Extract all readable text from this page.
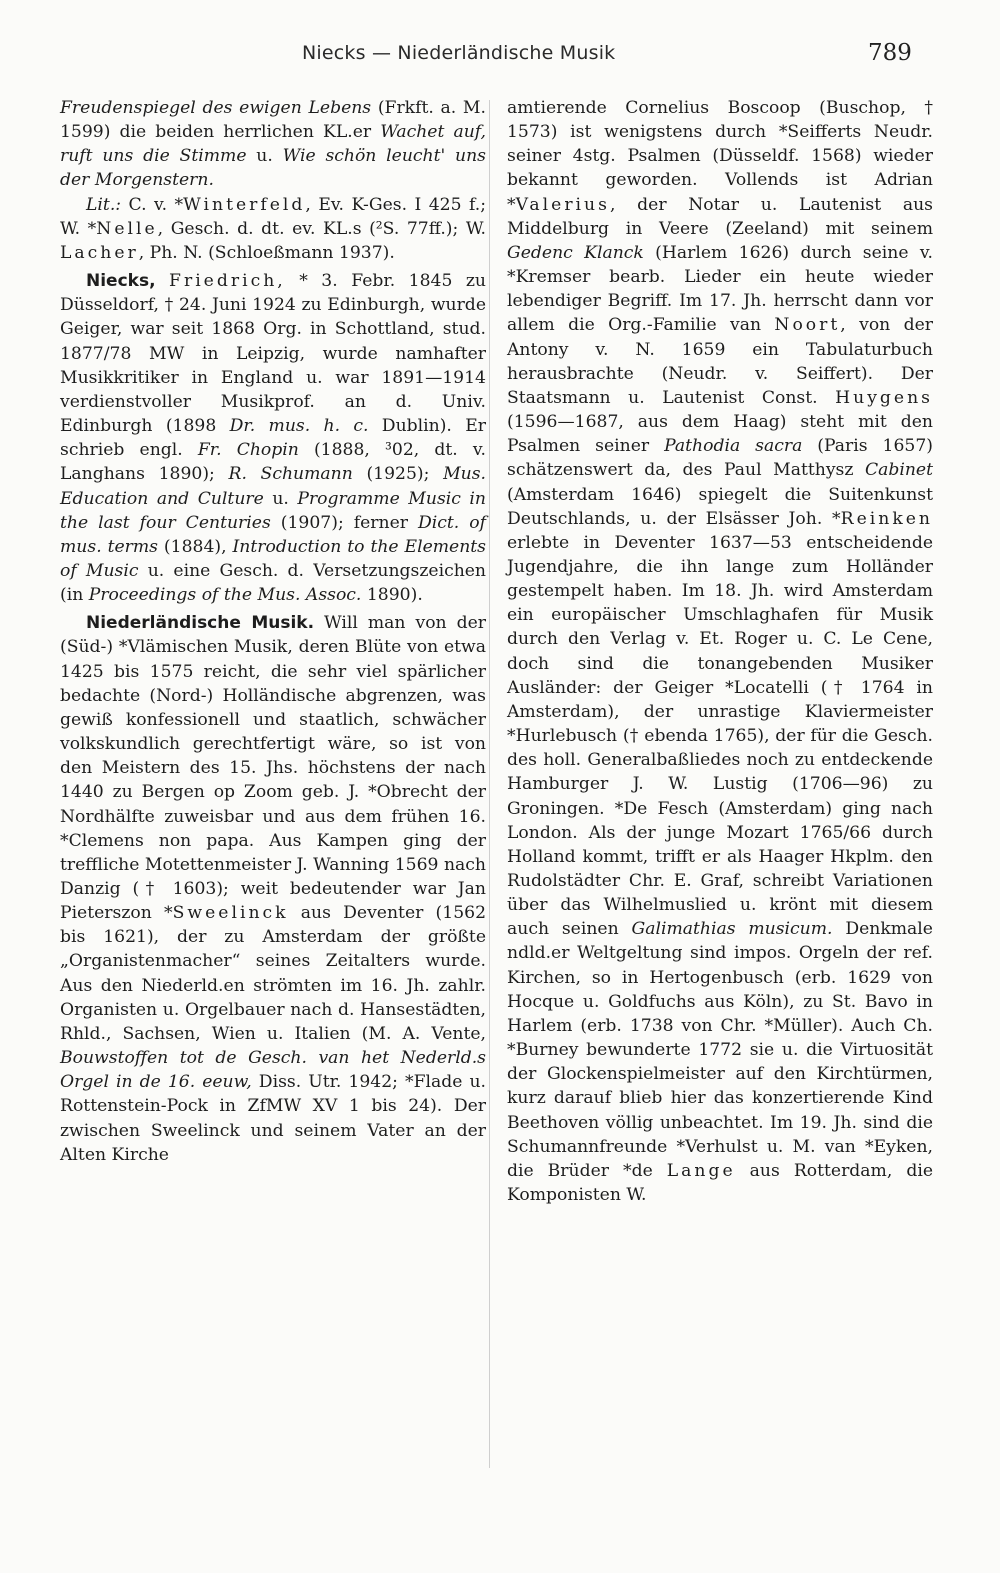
Niecks — Niederländische Musik	789

Freudenspiegel des ewigen Lebens (Frkft. a. M. 1599) die beiden herrlichen KL.er Wachet auf, ruft uns die Stimme u. Wie schön leucht' uns der Morgenstern.

Lit.: C. v. *Winterfeld, Ev. K-Ges. I 425 f.; W. *Nelle, Gesch. d. dt. ev. KL.s (²S. 77ff.); W. Lacher, Ph. N. (Schloeßmann 1937).

Niecks, Friedrich, * 3. Febr. 1845 zu Düsseldorf, † 24. Juni 1924 zu Edinburgh, wurde Geiger, war seit 1868 Org. in Schottland, stud. 1877/78 MW in Leipzig, wurde namhafter Musikkritiker in England u. war 1891—1914 verdienstvoller Musikprof. an d. Univ. Edinburgh (1898 Dr. mus. h. c. Dublin). Er schrieb engl. Fr. Chopin (1888, ³02, dt. v. Langhans 1890); R. Schumann (1925); Mus. Education and Culture u. Programme Music in the last four Centuries (1907); ferner Dict. of mus. terms (1884), Introduction to the Elements of Music u. eine Gesch. d. Versetzungszeichen (in Proceedings of the Mus. Assoc. 1890).

Niederländische Musik. Will man von der (Süd-) *Vlämischen Musik, deren Blüte von etwa 1425 bis 1575 reicht, die sehr viel spärlicher bedachte (Nord-) Holländische abgrenzen, was gewiß konfessionell und staatlich, schwächer volkskundlich gerechtfertigt wäre, so ist von den Meistern des 15. Jhs. höchstens der nach 1440 zu Bergen op Zoom geb. J. *Obrecht der Nordhälfte zuweisbar und aus dem frühen 16. *Clemens non papa. Aus Kampen ging der treffliche Motettenmeister J. Wanning 1569 nach Danzig († 1603); weit bedeutender war Jan Pieterszon *Sweelinck aus Deventer (1562 bis 1621), der zu Amsterdam der größte „Organistenmacher“ seines Zeitalters wurde. Aus den Niederld.en strömten im 16. Jh. zahlr. Organisten u. Orgelbauer nach d. Hansestädten, Rhld., Sachsen, Wien u. Italien (M. A. Vente, Bouwstoffen tot de Gesch. van het Nederld.s Orgel in de 16. eeuw, Diss. Utr. 1942; *Flade u. Rottenstein-Pock in ZfMW XV 1 bis 24). Der zwischen Sweelinck und seinem Vater an der Alten Kirche

amtierende Cornelius Boscoop (Buschop, † 1573) ist wenigstens durch *Seifferts Neudr. seiner 4stg. Psalmen (Düsseldf. 1568) wieder bekannt geworden. Vollends ist Adrian *Valerius, der Notar u. Lautenist aus Middelburg in Veere (Zeeland) mit seinem Gedenc Klanck (Harlem 1626) durch seine v. *Kremser bearb. Lieder ein heute wieder lebendiger Begriff. Im 17. Jh. herrscht dann vor allem die Org.-Familie van Noort, von der Antony v. N. 1659 ein Tabulaturbuch herausbrachte (Neudr. v. Seiffert). Der Staatsmann u. Lautenist Const. Huygens (1596—1687, aus dem Haag) steht mit den Psalmen seiner Pathodia sacra (Paris 1657) schätzenswert da, des Paul Matthysz Cabinet (Amsterdam 1646) spiegelt die Suitenkunst Deutschlands, u. der Elsässer Joh. *Reinken erlebte in Deventer 1637—53 entscheidende Jugendjahre, die ihn lange zum Holländer gestempelt haben. Im 18. Jh. wird Amsterdam ein europäischer Umschlaghafen für Musik durch den Verlag v. Et. Roger u. C. Le Cene, doch sind die tonangebenden Musiker Ausländer: der Geiger *Locatelli († 1764 in Amsterdam), der unrastige Klaviermeister *Hurlebusch († ebenda 1765), der für die Gesch. des holl. Generalbaßliedes noch zu entdeckende Hamburger J. W. Lustig (1706—96) zu Groningen. *De Fesch (Amsterdam) ging nach London. Als der junge Mozart 1765/66 durch Holland kommt, trifft er als Haager Hkplm. den Rudolstädter Chr. E. Graf, schreibt Variationen über das Wilhelmuslied u. krönt mit diesem auch seinen Galimathias musicum. Denkmale ndld.er Weltgeltung sind impos. Orgeln der ref. Kirchen, so in Hertogenbusch (erb. 1629 von Hocque u. Goldfuchs aus Köln), zu St. Bavo in Harlem (erb. 1738 von Chr. *Müller). Auch Ch. *Burney bewunderte 1772 sie u. die Virtuosität der Glockenspielmeister auf den Kirchtürmen, kurz darauf blieb hier das konzertierende Kind Beethoven völlig unbeachtet. Im 19. Jh. sind die Schumannfreunde *Verhulst u. M. van *Eyken, die Brüder *de Lange aus Rotterdam, die Komponisten W.
